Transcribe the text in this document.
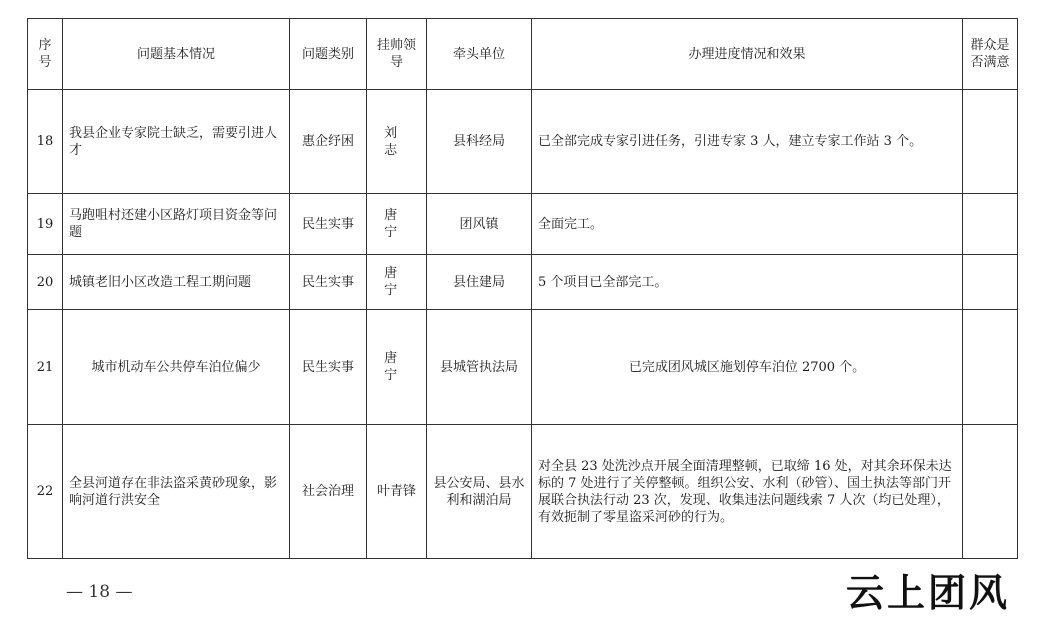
序号	问题基本情况	问题类别	挂帅领导	牵头单位	办理进度情况和效果	群众是否满意
18	我县企业专家院士缺乏，需要引进人才	惠企纾困	刘志	县科经局	已全部完成专家引进任务，引进专家 3 人，建立专家工作站 3 个。	
19	马跑咀村还建小区路灯项目资金等问题	民生实事	唐宁	团风镇	全面完工。	
20	城镇老旧小区改造工程工期问题	民生实事	唐宁	县住建局	5 个项目已全部完工。	
21	城市机动车公共停车泊位偏少	民生实事	唐宁	县城管执法局	已完成团风城区施划停车泊位 2700 个。	
22	全县河道存在非法盗采黄砂现象，影响河道行洪安全	社会治理	叶青锋	县公安局、县水利和湖泊局	对全县 23 处洗沙点开展全面清理整顿，已取缔 16 处，对其余环保未达标的 7 处进行了关停整顿。组织公安、水利（砂管）、国土执法等部门开展联合执法行动 23 次，发现、收集违法问题线索 7 人次（均已处理），有效扼制了零星盗采河砂的行为。	
— 18 —	云上团风
